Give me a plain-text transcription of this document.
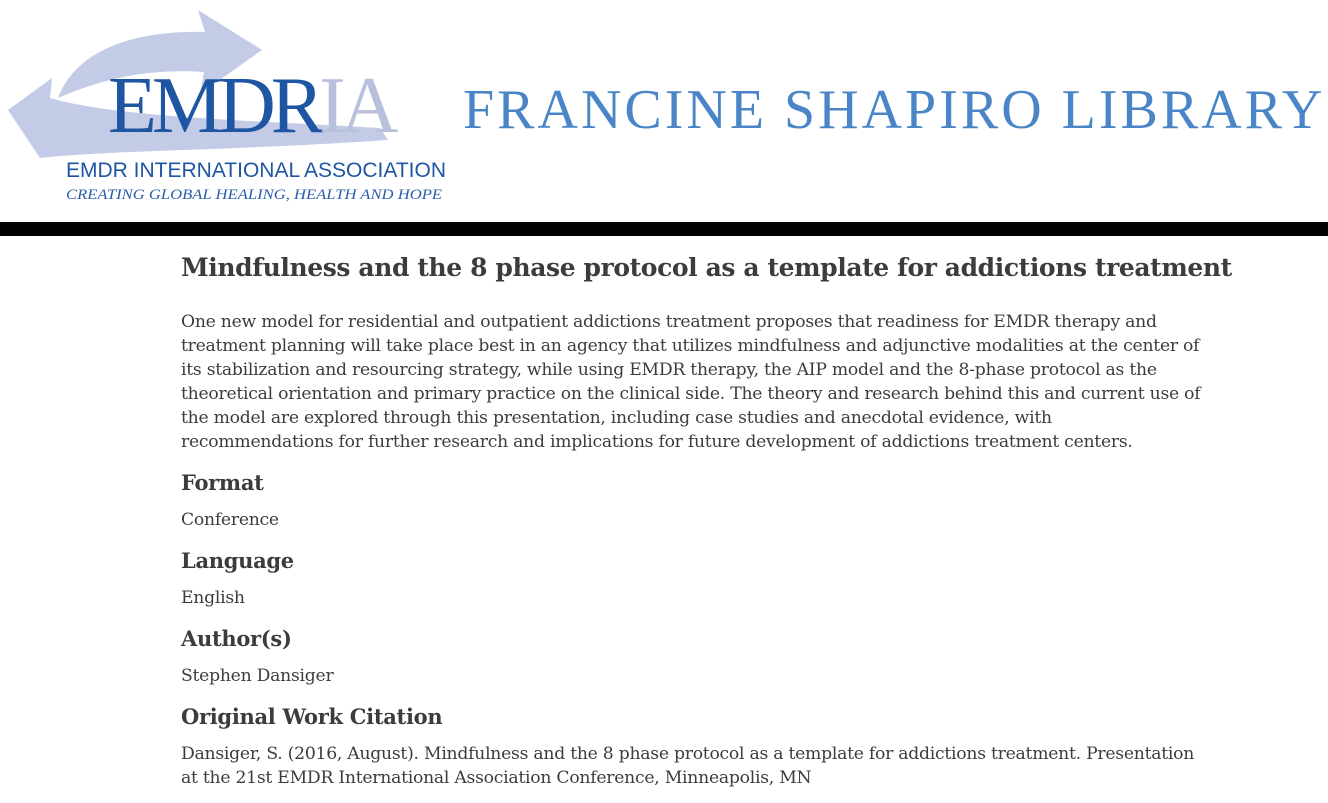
EMDRIA
EMDR INTERNATIONAL ASSOCIATION
CREATING GLOBAL HEALING, HEALTH AND HOPE
FRANCINE SHAPIRO LIBRARY
Mindfulness and the 8 phase protocol as a template for addictions treatment

One new model for residential and outpatient addictions treatment proposes that readiness for EMDR therapy and treatment planning will take place best in an agency that utilizes mindfulness and adjunctive modalities at the center of its stabilization and resourcing strategy, while using EMDR therapy, the AIP model and the 8-phase protocol as the theoretical orientation and primary practice on the clinical side. The theory and research behind this and current use of the model are explored through this presentation, including case studies and anecdotal evidence, with recommendations for further research and implications for future development of addictions treatment centers.

Format

Conference

Language

English

Author(s)

Stephen Dansiger

Original Work Citation

Dansiger, S. (2016, August). Mindfulness and the 8 phase protocol as a template for addictions treatment. Presentation at the 21st EMDR International Association Conference, Minneapolis, MN
